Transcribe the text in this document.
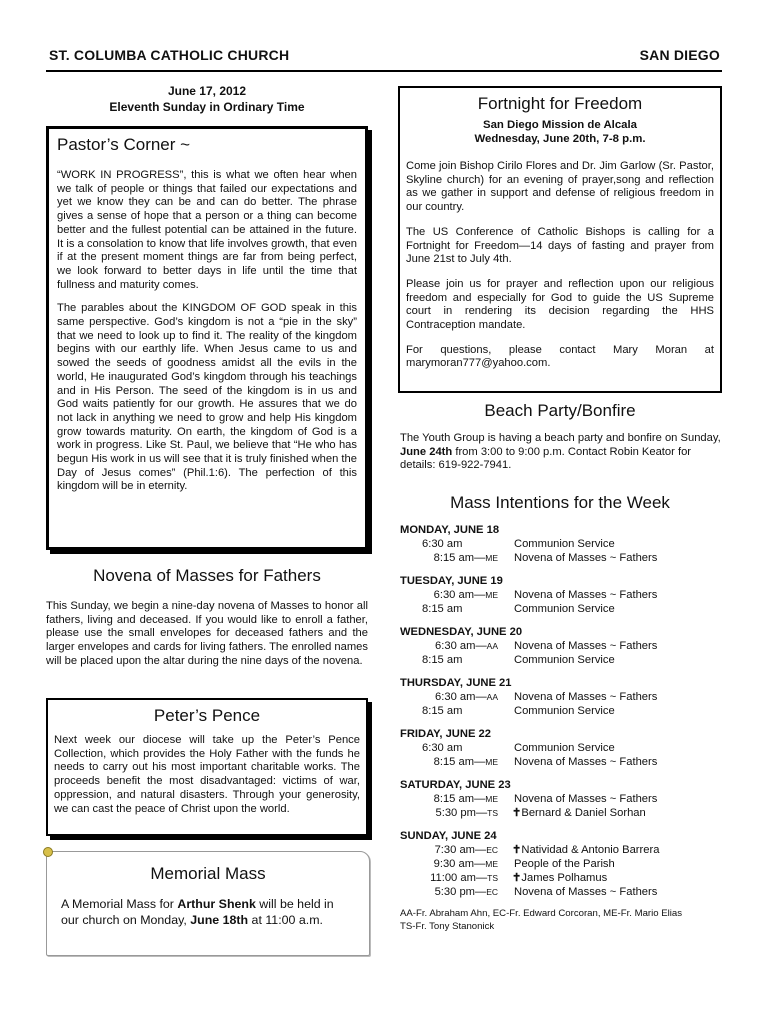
ST. COLUMBA CATHOLIC CHURCH	SAN DIEGO
June 17, 2012
Eleventh Sunday in Ordinary Time
Pastor’s Corner ~

“WORK IN PROGRESS”, this is what we often hear when we talk of people or things that failed our expectations and yet we know they can be and can do better. The phrase gives a sense of hope that a person or a thing can become better and the fullest potential can be attained in the future. It is a consolation to know that life involves growth, that even if at the present moment things are far from being perfect, we look forward to better days in life until the time that fullness and maturity comes.

The parables about the KINGDOM OF GOD speak in this same perspective. God’s kingdom is not a “pie in the sky” that we need to look up to find it. The reality of the kingdom begins with our earthly life. When Jesus came to us and sowed the seeds of goodness amidst all the evils in the world, He inaugurated God’s kingdom through his teachings and in His Person. The seed of the kingdom is in us and God waits patiently for our growth. He assures that we do not lack in anything we need to grow and help His kingdom grow towards maturity. On earth, the kingdom of God is a work in progress. Like St. Paul, we believe that “He who has begun His work in us will see that it is truly finished when the Day of Jesus comes” (Phil.1:6). The perfection of this kingdom will be in eternity.

Novena of Masses for Fathers
This Sunday, we begin a nine-day novena of Masses to honor all fathers, living and deceased. If you would like to enroll a father, please use the small envelopes for deceased fathers and the larger envelopes and cards for living fathers. The enrolled names will be placed upon the altar during the nine days of the novena.
Peter’s Pence
Next week our diocese will take up the Peter’s Pence Collection, which provides the Holy Father with the funds he needs to carry out his most important charitable works. The proceeds benefit the most disadvantaged: victims of war, oppression, and natural disasters. Through your generosity, we can cast the peace of Christ upon the world.
Memorial Mass
A Memorial Mass for Arthur Shenk will be held in our church on Monday, June 18th at 11:00 a.m.
Fortnight for Freedom
San Diego Mission de Alcala
Wednesday, June 20th, 7-8 p.m.

Come join Bishop Cirilo Flores and Dr. Jim Garlow (Sr. Pastor, Skyline church) for an evening of prayer,song and reflection as we gather in support and defense of religious freedom in our country.

The US Conference of Catholic Bishops is calling for a Fortnight for Freedom—14 days of fasting and prayer from June 21st to July 4th.

Please join us for prayer and reflection upon our religious freedom and especially for God to guide the US Supreme court in rendering its decision regarding the HHS Contraception mandate.

For questions, please contact Mary Moran at marymoran777@yahoo.com.

Beach Party/Bonfire
The Youth Group is having a beach party and bonfire on Sunday, June 24th from 3:00 to 9:00 p.m. Contact Robin Keator for details: 619-922-7941.
Mass Intentions for the Week
MONDAY, JUNE 18
6:30 am	Communion Service
8:15 am—ME Novena of Masses ~ Fathers
TUESDAY, JUNE 19
6:30 am—ME Novena of Masses ~ Fathers
8:15 am	Communion Service
WEDNESDAY, JUNE 20
6:30 am—AA Novena of Masses ~ Fathers
8:15 am	Communion Service
THURSDAY, JUNE 21
6:30 am—AA Novena of Masses ~ Fathers
8:15 am	Communion Service
FRIDAY, JUNE 22
6:30 am	Communion Service
8:15 am—ME Novena of Masses ~ Fathers
SATURDAY, JUNE 23
8:15 am—ME Novena of Masses ~ Fathers
5:30 pm—TS ✝Bernard & Daniel Sorhan
SUNDAY, JUNE 24
7:30 am—EC ✝Natividad & Antonio Barrera
9:30 am—ME People of the Parish
11:00 am—TS ✝James Polhamus
5:30 pm—EC Novena of Masses ~ Fathers
AA-Fr. Abraham Ahn, EC-Fr. Edward Corcoran, ME-Fr. Mario Elias
TS-Fr. Tony Stanonick
